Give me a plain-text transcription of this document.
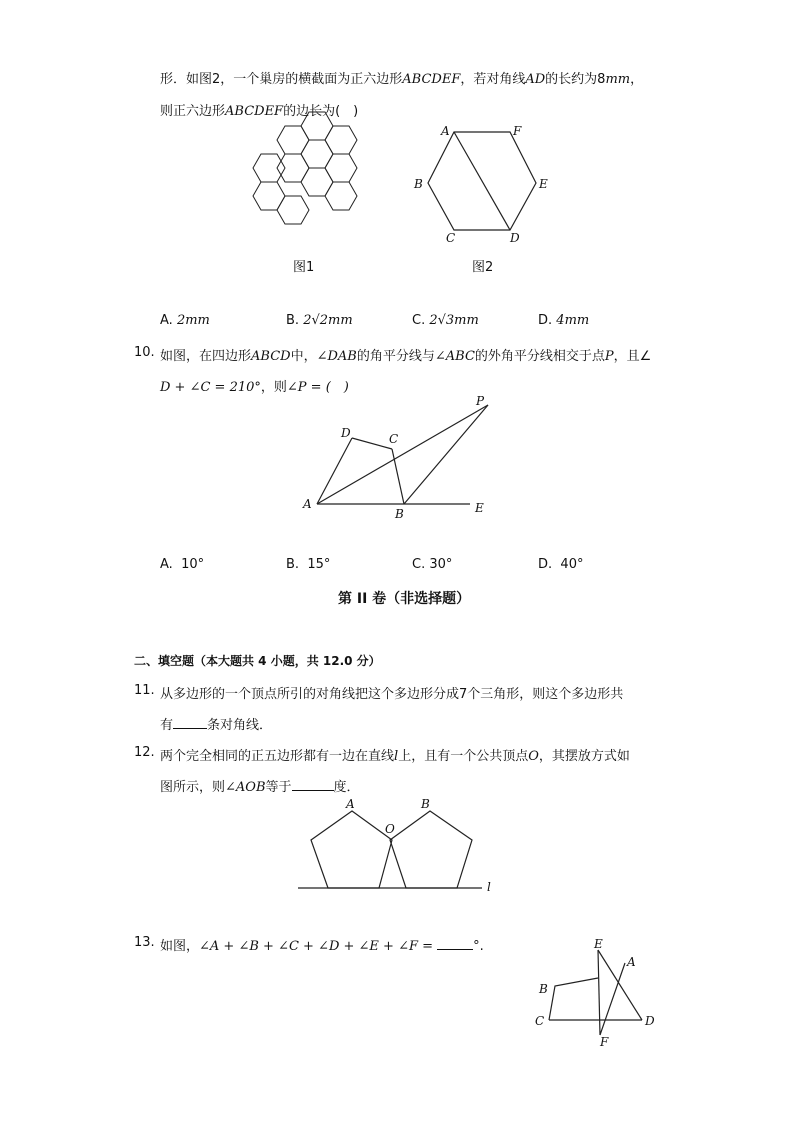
形．如图2，一个巢房的横截面为正六边形ABCDEF，若对角线AD的长约为8mm，
则正六边形ABCDEF的边长为(　)
A	F
B	E
C	D
图1	图2
A. 2mm	B. 2√2mm	C. 2√3mm	D. 4mm
10. 如图，在四边形ABCD中，∠DAB的角平分线与∠ABC的外角平分线相交于点P，且∠
D + ∠C = 210°，则∠P = (　)
D	C
P
A
B	E
A. 10°	B. 15°	C. 30°	D. 40°
第 II 卷（非选择题）
二、填空题（本大题共 4 小题，共 12.0 分）
11. 从多边形的一个顶点所引的对角线把这个多边形分成7个三角形，则这个多边形共
有	条对角线．
12. 两个完全相同的正五边形都有一边在直线l上，且有一个公共顶点O，其摆放方式如
图所示，则∠AOB等于	度．
A
O
B
l
13. 如图，∠A + ∠B + ∠C + ∠D + ∠E + ∠F =	°.	E
A
B
C	D
F
